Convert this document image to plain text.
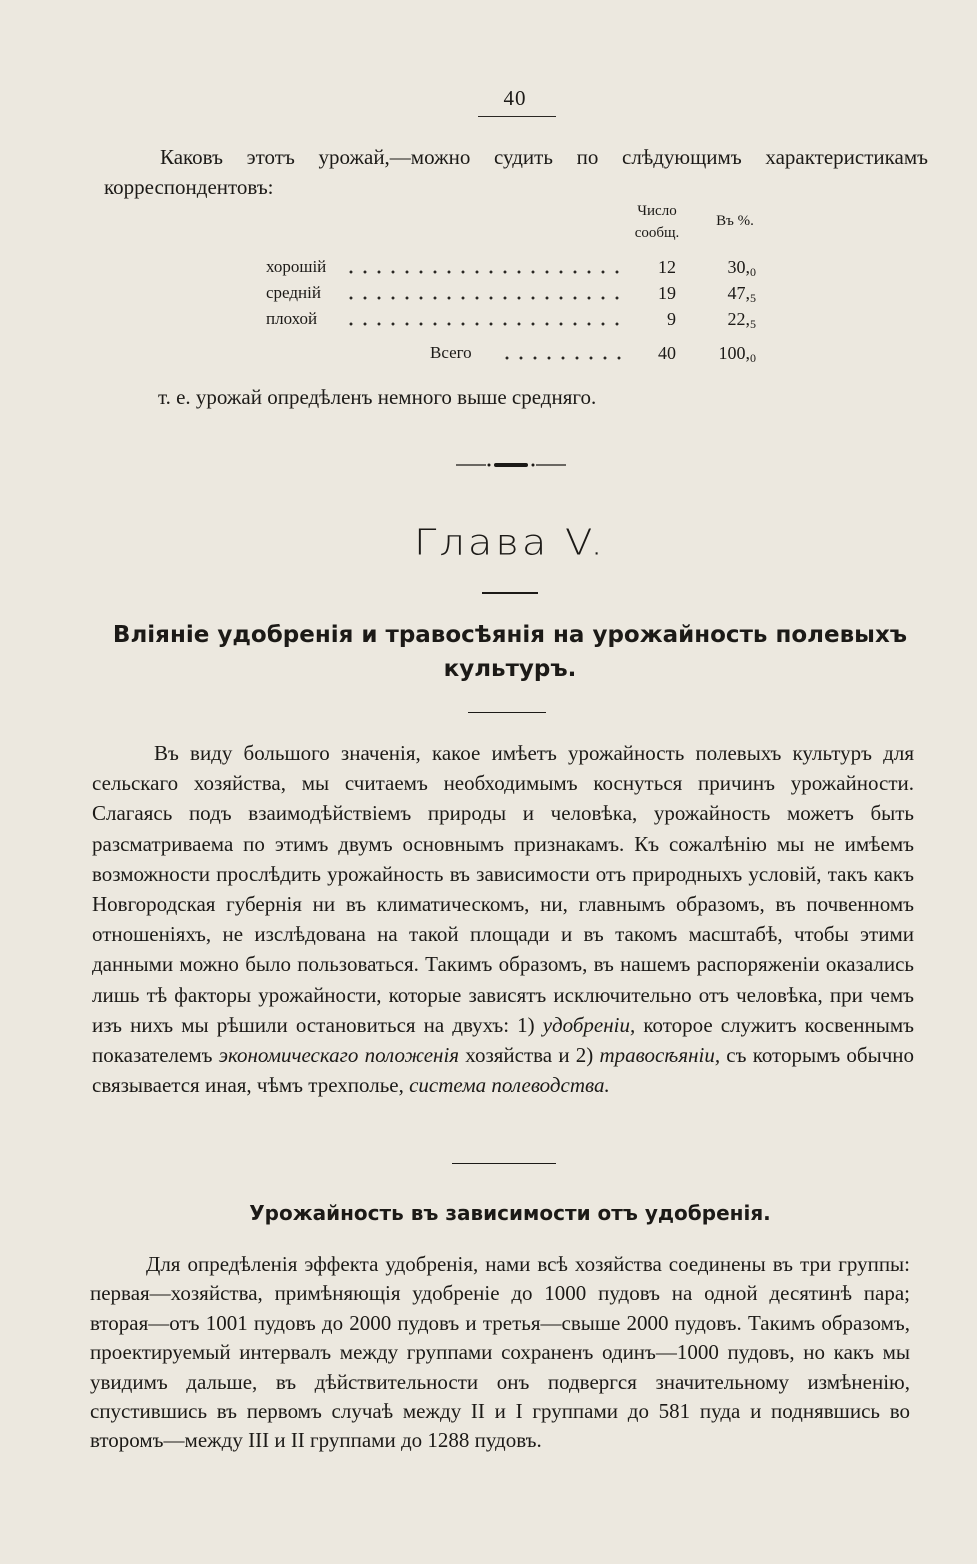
40

Каковъ этотъ урожай,—можно судить по слѣдующимъ характеристикамъ корреспондентовъ:

Число сообщ.
Въ %.
хорошій	12	$30,_0$
средній	19	$47,_5$
плохой	9	$22,_5$
Всего	40	$100,_0$
т. е. урожай опредѣленъ немного выше средняго.
Глава V.
Вліяніе удобренія и травосѣянія на урожайность полевыхъ культуръ.

Въ виду большого значенія, какое имѣетъ урожайность полевыхъ культуръ для сельскаго хозяйства, мы считаемъ необходимымъ коснуться причинъ урожайности. Слагаясь подъ взаимодѣйствіемъ природы и человѣка, урожайность можетъ быть разсматриваема по этимъ двумъ основнымъ признакамъ. Къ сожалѣнію мы не имѣемъ возможности прослѣдить урожайность въ зависимости отъ природныхъ условій, такъ какъ Новгородская губернія ни въ климатическомъ, ни, главнымъ образомъ, въ почвенномъ отношеніяхъ, не изслѣдована на такой площади и въ такомъ масштабѣ, чтобы этими данными можно было пользоваться. Такимъ образомъ, въ нашемъ распоряженіи оказались лишь тѣ факторы урожайности, которые зависятъ исключительно отъ человѣка, при чемъ изъ нихъ мы рѣшили остановиться на двухъ: 1) удобреніи, которое служитъ косвеннымъ показателемъ экономическаго положенія хозяйства и 2) травосѣяніи, съ которымъ обычно связывается иная, чѣмъ трехполье, система полеводства.

Урожайность въ зависимости отъ удобренія.

Для опредѣленія эффекта удобренія, нами всѣ хозяйства соединены въ три группы: первая—хозяйства, примѣняющія удобреніе до 1000 пудовъ на одной десятинѣ пара; вторая—отъ 1001 пудовъ до 2000 пудовъ и третья—свыше 2000 пудовъ. Такимъ образомъ, проектируемый интервалъ между группами сохраненъ одинъ—1000 пудовъ, но какъ мы увидимъ дальше, въ дѣйствительности онъ подвергся значительному измѣненію, спустившись въ первомъ случаѣ между II и I группами до 581 пуда и поднявшись во второмъ—между III и II группами до 1288 пудовъ.
